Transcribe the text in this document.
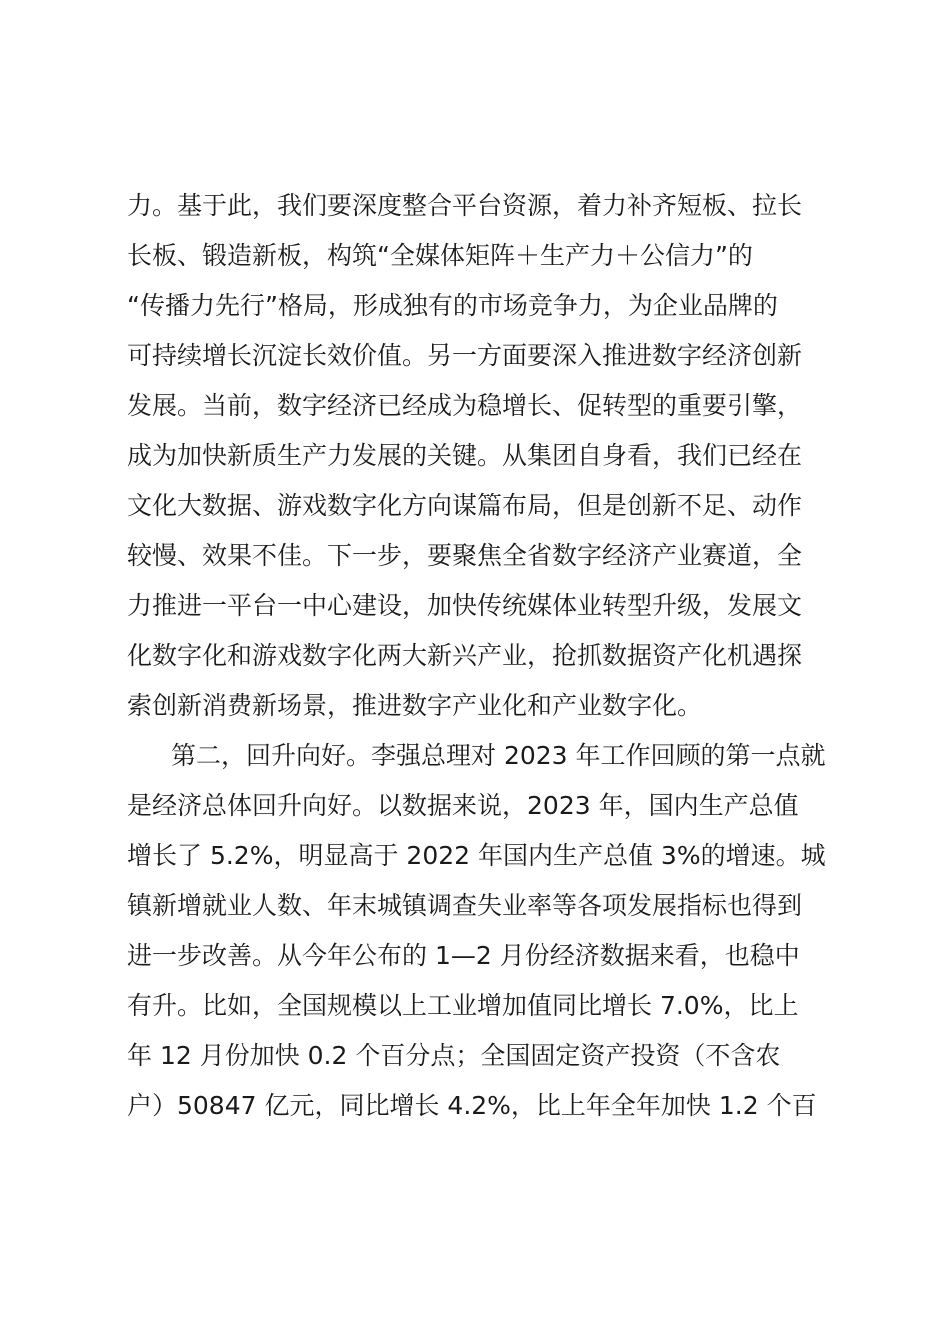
力。基于此，我们要深度整合平台资源，着力补齐短板、拉长
长板、锻造新板，构筑“全媒体矩阵＋生产力＋公信力”的
“传播力先行”格局，形成独有的市场竞争力，为企业品牌的
可持续增长沉淀长效价值。另一方面要深入推进数字经济创新
发展。当前，数字经济已经成为稳增长、促转型的重要引擎，
成为加快新质生产力发展的关键。从集团自身看，我们已经在
文化大数据、游戏数字化方向谋篇布局，但是创新不足、动作
较慢、效果不佳。下一步，要聚焦全省数字经济产业赛道，全
力推进一平台一中心建设，加快传统媒体业转型升级，发展文
化数字化和游戏数字化两大新兴产业，抢抓数据资产化机遇探
索创新消费新场景，推进数字产业化和产业数字化。
第二，回升向好。李强总理对 2023 年工作回顾的第一点就
是经济总体回升向好。以数据来说，2023 年，国内生产总值
增长了 5.2%，明显高于 2022 年国内生产总值 3%的增速。城
镇新增就业人数、年末城镇调查失业率等各项发展指标也得到
进一步改善。从今年公布的 1—2 月份经济数据来看，也稳中
有升。比如，全国规模以上工业增加值同比增长 7.0%，比上
年 12 月份加快 0.2 个百分点；全国固定资产投资（不含农
户）50847 亿元，同比增长 4.2%，比上年全年加快 1.2 个百
